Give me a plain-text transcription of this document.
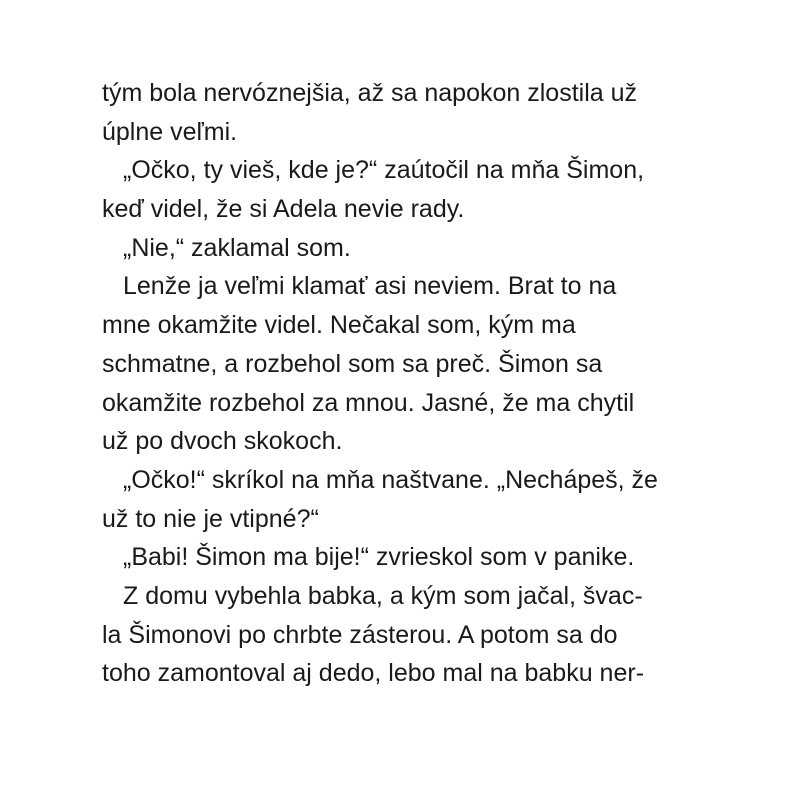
tým bola nervóznejšia, až sa napokon zlostila už
úplne veľmi.
„Očko, ty vieš, kde je?“ zaútočil na mňa Šimon,
keď videl, že si Adela nevie rady.
„Nie,“ zaklamal som.
Lenže ja veľmi klamať asi neviem. Brat to na
mne okamžite videl. Nečakal som, kým ma
schmatne, a rozbehol som sa preč. Šimon sa
okamžite rozbehol za mnou. Jasné, že ma chytil
už po dvoch skokoch.
„Očko!“ skríkol na mňa naštvane. „Nechápeš, že
už to nie je vtipné?“
„Babi! Šimon ma bije!“ zvrieskol som v panike.
Z domu vybehla babka, a kým som jačal, švac-
la Šimonovi po chrbte zásterou. A potom sa do
toho zamontoval aj dedo, lebo mal na babku ner-
